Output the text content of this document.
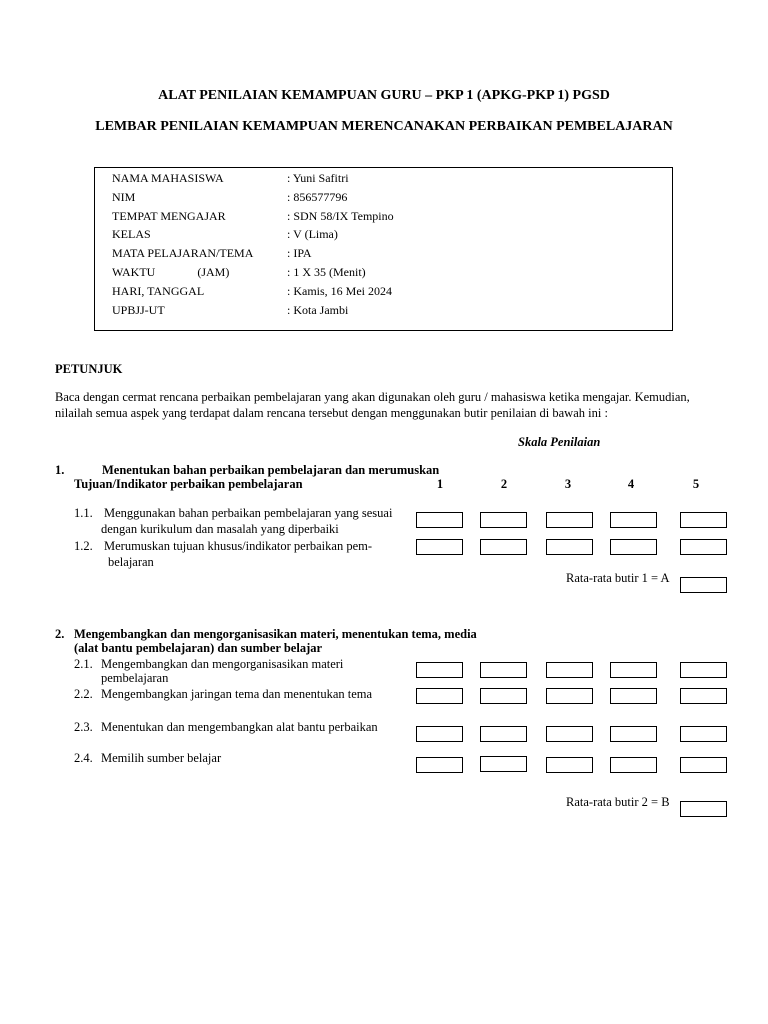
ALAT PENILAIAN KEMAMPUAN GURU – PKP 1 (APKG-PKP 1) PGSD
LEMBAR PENILAIAN KEMAMPUAN MERENCANAKAN PERBAIKAN PEMBELAJARAN
NAMA MAHASISWA	: Yuni Safitri
NIM	: 856577796
TEMPAT MENGAJAR	: SDN 58/IX Tempino
KELAS	: V (Lima)
MATA PELAJARAN/TEMA	: IPA
WAKTU              (JAM)	: 1 X 35 (Menit)
HARI, TANGGAL	: Kamis, 16 Mei 2024
UPBJJ-UT	: Kota Jambi
PETUNJUK
Baca dengan cermat rencana perbaikan pembelajaran yang akan digunakan oleh guru / mahasiswa ketika mengajar. Kemudian,
nilailah semua aspek yang terdapat dalam rencana tersebut dengan menggunakan butir penilaian di bawah ini :
Skala Penilaian
1.	Menentukan bahan perbaikan pembelajaran dan merumuskan
Tujuan/Indikator perbaikan pembelajaran	1	2	3	4	5
1.1. Menggunakan bahan perbaikan pembelajaran yang sesuai
dengan kurikulum dan masalah yang diperbaiki
1.2. Merumuskan tujuan khusus/indikator perbaikan pem-
belajaran
Rata-rata butir 1 = A
2. Mengembangkan dan mengorganisasikan materi, menentukan tema, media
(alat bantu pembelajaran) dan sumber belajar
2.1. Mengembangkan dan mengorganisasikan materi
pembelajaran
2.2. Mengembangkan jaringan tema dan menentukan tema
2.3. Menentukan dan mengembangkan alat bantu perbaikan
2.4. Memilih sumber belajar
Rata-rata butir 2 = B
